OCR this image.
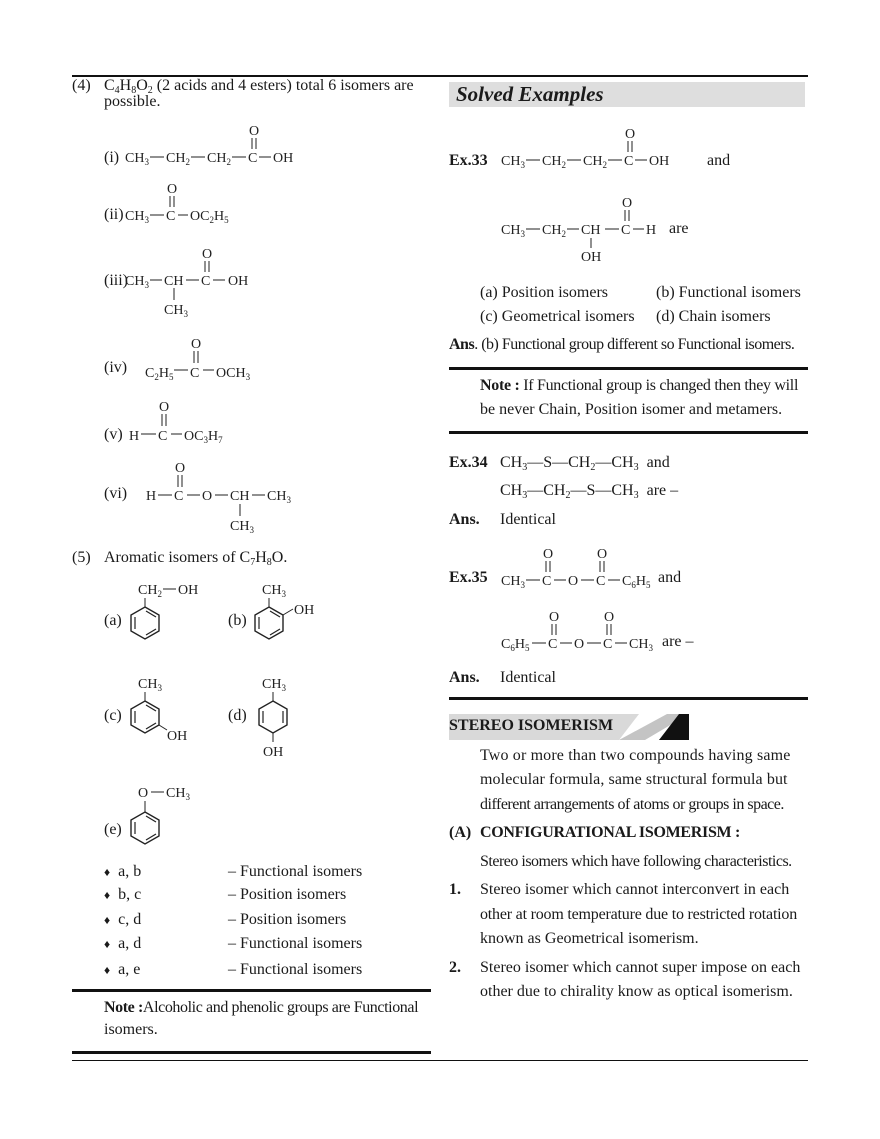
(4) $C_4H_8O_2$ (2 acids and 4 esters) total 6 isomers are
possible.
(i) $CH_3$ $CH_2$ $CH_2$ C
O
OH
(ii) $CH_3$ C
O
$OC_2H_5$
(iii)
$CH_3$ CH
$CH_3$
C
O
OH
(iv) $C_2H_5$ C
O
$OCH_3$
(v) H C
O
$OC_3H_7$
(vi) H C
O
O CH
$CH_3$
$CH_3$
(5) Aromatic isomers of $C_7H_8O$.
(a)
$CH_2$ OH
(b)
$CH_3$
OH
(c)
$CH_3$
OH
(d)
$CH_3$
OH
(e)
O $CH_3$
♦ a, b	– Functional isomers
♦ b, c	– Position isomers
♦ c, d	– Position isomers
♦ a, d	– Functional isomers
♦ a, e	– Functional isomers
Note :Alcoholic and phenolic groups are Functional
isomers.
Solved Examples
Ex.33 $CH_3$ $CH_2$ $CH_2$ C
O
OH and
$CH_3$ $CH_2$ CH
OH
C
O
H are
(a) Position isomers	(b) Functional isomers
(c) Geometrical isomers (d) Chain isomers
Ans. (b) Functional group different so Functional isomers.
Note : If Functional group is changed then they will
be never Chain, Position isomer and metamers.
Ex.34 $CH_3—S—CH_2—CH_3$ and
$CH_3—CH_2—S—CH_3$ are –
Ans. Identical
Ex.35 $CH_3$ C
O
O C
O
$C_6H_5$ and
$C_6H_5$ C
O
O C
O
$CH_3$ are –
Ans. Identical
STEREO ISOMERISM
Two or more than two compounds having same
molecular formula, same structural formula but
different arrangements of atoms or groups in space.
(A) CONFIGURATIONAL ISOMERISM :
Stereo isomers which have following characteristics.
1. Stereo isomer which cannot interconvert in each
other at room temperature due to restricted rotation
known as Geometrical isomerism.
2. Stereo isomer which cannot super impose on each
other due to chirality know as optical isomerism.
